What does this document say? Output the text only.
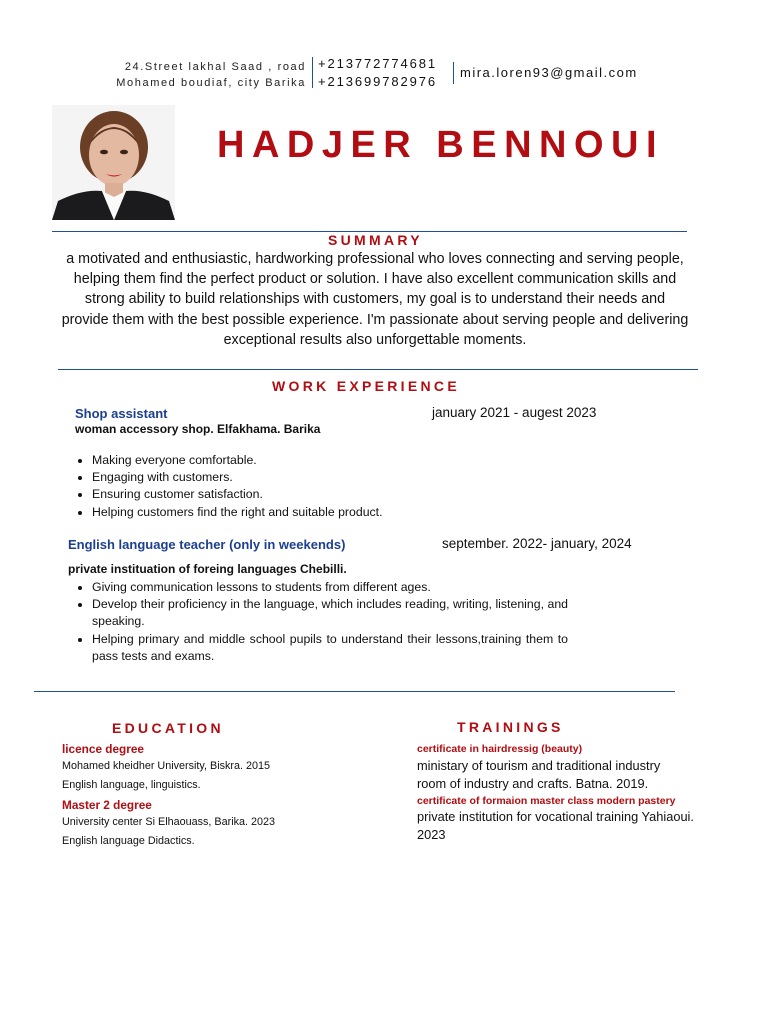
24.Street lakhal Saad , road
Mohamed boudiaf, city Barika
+213772774681
+213699782976
mira.loren93@gmail.com
HADJER BENNOUI
SUMMARY
a motivated and enthusiastic, hardworking professional who loves connecting and serving people, helping them find the perfect product or solution. I have also excellent communication skills and strong ability to build relationships with customers, my goal is to understand their needs and provide them with the best possible experience. I'm passionate about serving people and delivering exceptional results also unforgettable moments.
WORK EXPERIENCE
Shop assistant	january 2021 - augest 2023
woman accessory shop. Elfakhama. Barika
• Making everyone comfortable.
• Engaging with customers.
• Ensuring customer satisfaction.
• Helping customers find the right and suitable product.
English language teacher (only in weekends)	september. 2022- january, 2024
private instituation of foreing languages Chebilli.
• Giving communication lessons to students from different ages.
• Develop their proficiency in the language, which includes reading, writing, listening, and speaking.
• Helping primary and middle school pupils to understand their lessons,training them to pass tests and exams.
EDUCATION
licence degree
Mohamed kheidher University, Biskra. 2015
English language, linguistics.
Master 2 degree
University center Si Elhaouass, Barika. 2023
English language Didactics.
TRAININGS
certificate in hairdressig (beauty)
ministary of tourism and traditional industry
room of industry and crafts. Batna. 2019.
certificate of formaion master class modern pastery
private institution for vocational training Yahiaoui.
2023
